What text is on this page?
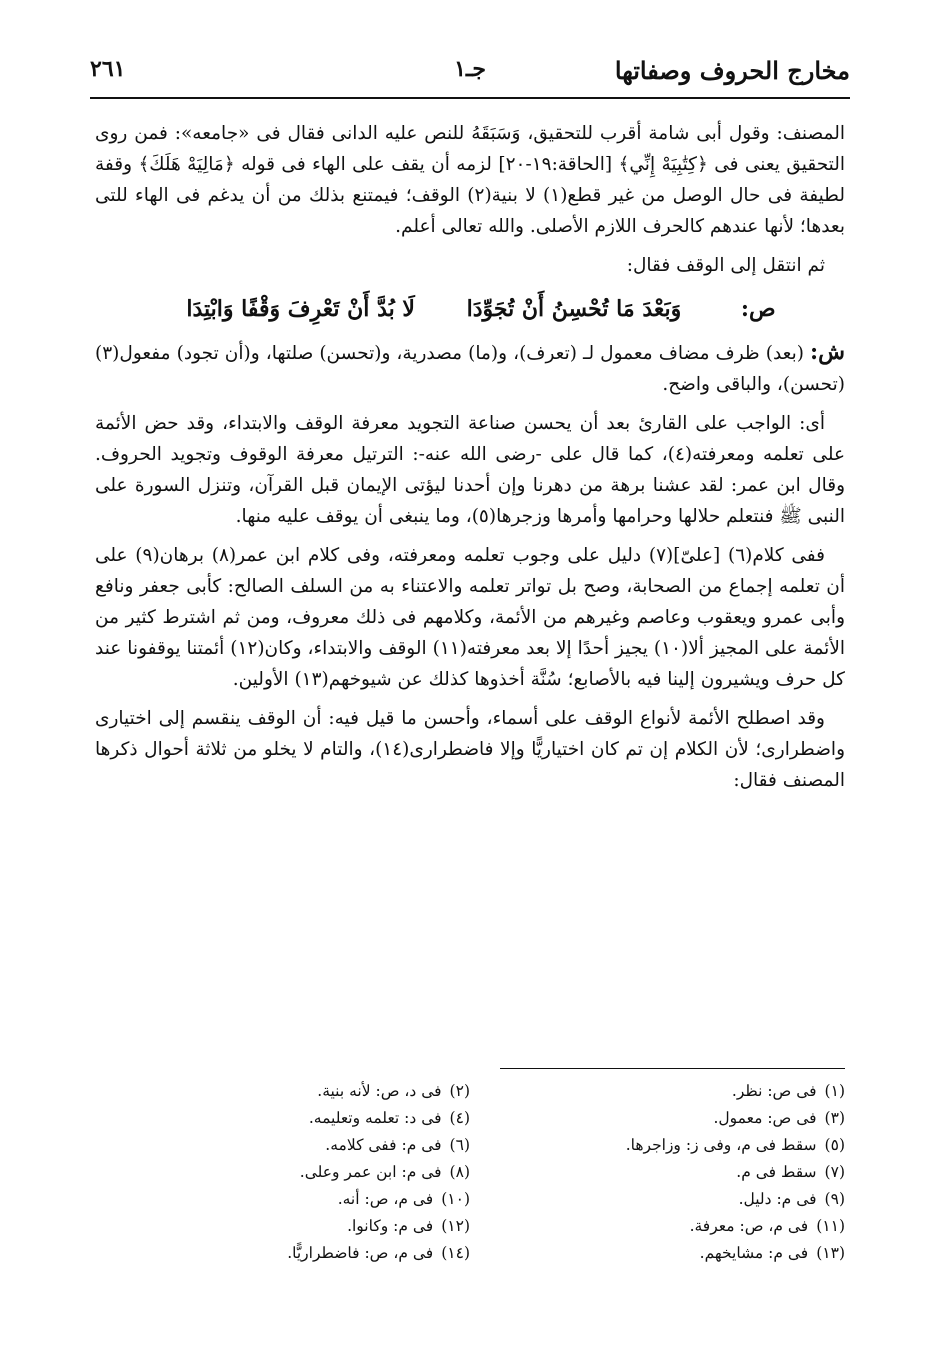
مخارج الحروف وصفاتها
جـ١
٢٦١

المصنف: وقول أبى شامة أقرب للتحقيق، وَسَبَقَهُ للنص عليه الدانى فقال فى «جامعه»: فمن روى التحقيق يعنى فى ﴿كِتَٰبِيَهْ إِنِّي﴾ [الحاقة:١٩-٢٠] لزمه أن يقف على الهاء فى قوله ﴿مَالِيَهْ هَلَكَ﴾ وقفة لطيفة فى حال الوصل من غير قطع(١) لا بنية(٢) الوقف؛ فيمتنع بذلك من أن يدغم فى الهاء للتى بعدها؛ لأنها عندهم كالحرف اللازم الأصلى. والله تعالى أعلم.

ثم انتقل إلى الوقف فقال:

ص: وَبَعْدَ مَا تُحْسِنُ أَنْ تُجَوِّدَا لَا بُدَّ أَنْ تَعْرِفَ وَقْفًا وَابْتِدَا

ش: (بعد) ظرف مضاف معمول لـ (تعرف)، و(ما) مصدرية، و(تحسن) صلتها، و(أن تجود) مفعول(٣) (تحسن)، والباقى واضح.

أى: الواجب على القارئ بعد أن يحسن صناعة التجويد معرفة الوقف والابتداء، وقد حض الأئمة على تعلمه ومعرفته(٤)، كما قال على -رضى الله عنه-: الترتيل معرفة الوقوف وتجويد الحروف. وقال ابن عمر: لقد عشنا برهة من دهرنا وإن أحدنا ليؤتى الإيمان قبل القرآن، وتنزل السورة على النبى ﷺ فنتعلم حلالها وحرامها وأمرها وزجرها(٥)، وما ينبغى أن يوقف عليه منها.

ففى كلام(٦) [علىّ](٧) دليل على وجوب تعلمه ومعرفته، وفى كلام ابن عمر(٨) برهان(٩) على أن تعلمه إجماع من الصحابة، وصح بل تواتر تعلمه والاعتناء به من السلف الصالح: كأبى جعفر ونافع وأبى عمرو ويعقوب وعاصم وغيرهم من الأئمة، وكلامهم فى ذلك معروف، ومن ثم اشترط كثير من الأئمة على المجيز ألا(١٠) يجيز أحدًا إلا بعد معرفته(١١) الوقف والابتداء، وكان(١٢) أئمتنا يوقفونا عند كل حرف ويشيرون إلينا فيه بالأصابع؛ سُنَّة أخذوها كذلك عن شيوخهم(١٣) الأولين.

وقد اصطلح الأئمة لأنواع الوقف على أسماء، وأحسن ما قيل فيه: أن الوقف ينقسم إلى اختيارى واضطرارى؛ لأن الكلام إن تم كان اختياريًّا وإلا فاضطرارى(١٤)، والتام لا يخلو من ثلاثة أحوال ذكرها المصنف فقال:

(١)فى ص: نظر.
(٣)فى ص: معمول.
(٥)سقط فى م، وفى ز: وزاجرها.
(٧)سقط فى م.
(٩)فى م: دليل.
(١١)فى م، ص: معرفة.
(١٣)فى م: مشايخهم.
(٢)فى د، ص: لأنه بنية.
(٤)فى د: تعلمه وتعليمه.
(٦)فى م: ففى كلامه.
(٨)فى م: ابن عمر وعلى.
(١٠)فى م، ص: أنه.
(١٢)فى م: وكانوا.
(١٤)فى م، ص: فاضطراريًّا.
